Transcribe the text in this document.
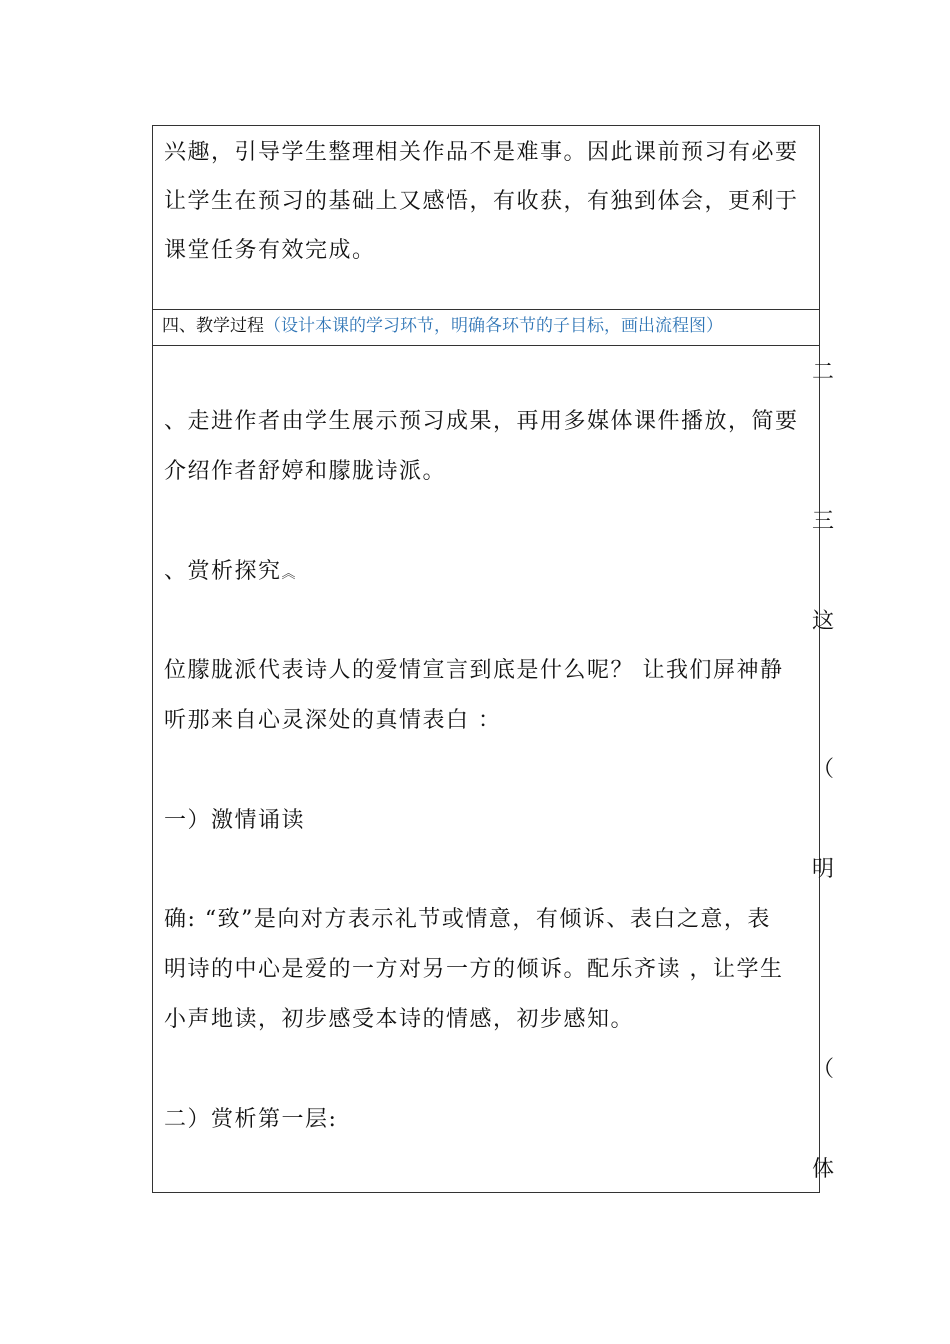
兴趣，引导学生整理相关作品不是难事。因此课前预习有必要
让学生在预习的基础上又感悟，有收获，有独到体会，更利于
课堂任务有效完成。
四、教学过程（设计本课的学习环节，明确各环节的子目标，画出流程图）
、走进作者由学生展示预习成果，再用多媒体课件播放，简要
介绍作者舒婷和朦胧诗派。
、赏析探究︽
位朦胧派代表诗人的爱情宣言到底是什么呢？ 让我们屏神静
听那来自心灵深处的真情表白 ：
一）激情诵读
确: “致”是向对方表示礼节或情意，有倾诉、表白之意，表
明诗的中心是爱的一方对另一方的倾诉。配乐齐读 ，让学生
小声地读，初步感受本诗的情感，初步感知。
二）赏析第一层:
二
三
这
（
明
（
体
